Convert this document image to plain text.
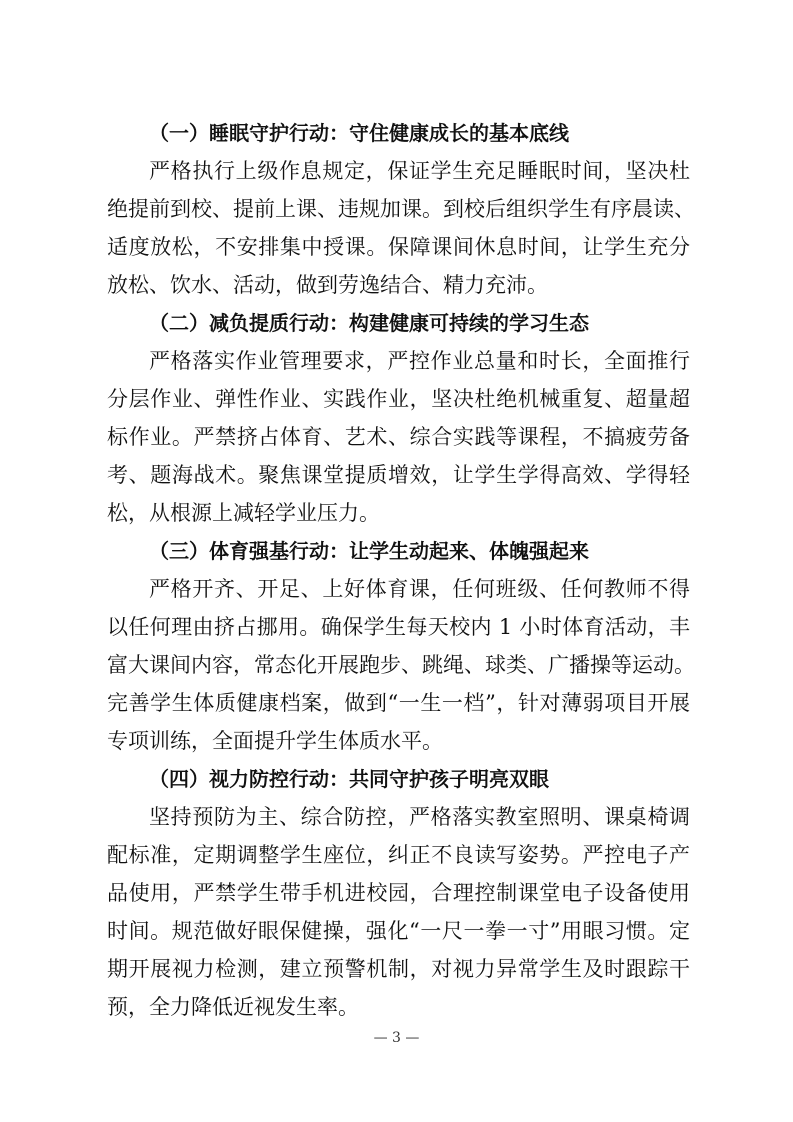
（一）睡眠守护行动：守住健康成长的基本底线
严格执行上级作息规定，保证学生充足睡眠时间，坚决杜
绝提前到校、提前上课、违规加课。到校后组织学生有序晨读、
适度放松，不安排集中授课。保障课间休息时间，让学生充分
放松、饮水、活动，做到劳逸结合、精力充沛。
（二）减负提质行动：构建健康可持续的学习生态
严格落实作业管理要求，严控作业总量和时长，全面推行
分层作业、弹性作业、实践作业，坚决杜绝机械重复、超量超
标作业。严禁挤占体育、艺术、综合实践等课程，不搞疲劳备
考、题海战术。聚焦课堂提质增效，让学生学得高效、学得轻
松，从根源上减轻学业压力。
（三）体育强基行动：让学生动起来、体魄强起来
严格开齐、开足、上好体育课，任何班级、任何教师不得
以任何理由挤占挪用。确保学生每天校内 1 小时体育活动，丰
富大课间内容，常态化开展跑步、跳绳、球类、广播操等运动。
完善学生体质健康档案，做到“一生一档”，针对薄弱项目开展
专项训练，全面提升学生体质水平。
（四）视力防控行动：共同守护孩子明亮双眼
坚持预防为主、综合防控，严格落实教室照明、课桌椅调
配标准，定期调整学生座位，纠正不良读写姿势。严控电子产
品使用，严禁学生带手机进校园，合理控制课堂电子设备使用
时间。规范做好眼保健操，强化“一尺一拳一寸”用眼习惯。定
期开展视力检测，建立预警机制，对视力异常学生及时跟踪干
预，全力降低近视发生率。
— 3 —
